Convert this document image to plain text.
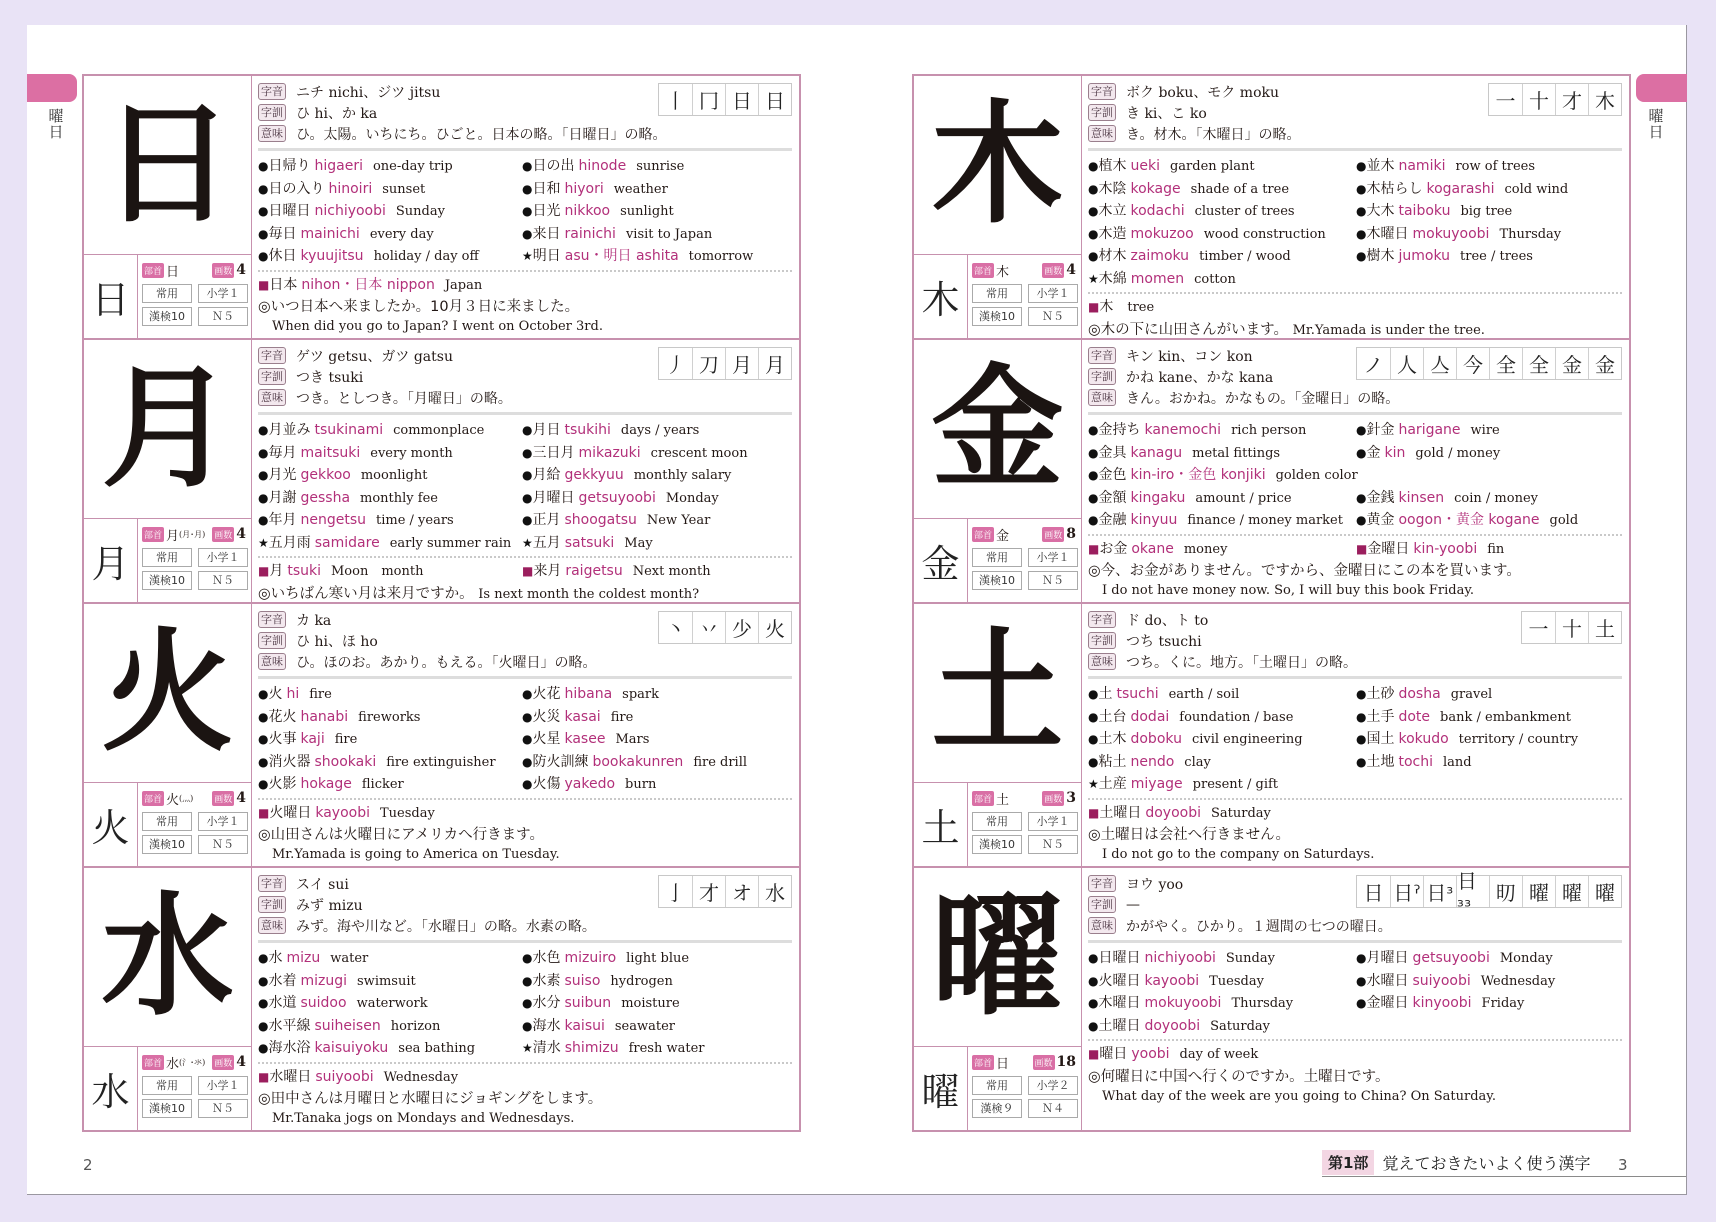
曜日
曜日
日
日
部首 日	画数 4
常用	小学１
漢検10	Ｎ５
字音 ニチ nichi、ジツ jitsu
字訓 ひ hi、か ka
意味 ひ。太陽。いちにち。ひごと。日本の略。「日曜日」の略。
丨 冂 日 日
●日帰り higaeri one-day trip	●日の出 hinode sunrise
●日の入り hinoiri sunset	●日和 hiyori weather
●日曜日 nichiyoobi Sunday	●日光 nikkoo sunlight
●毎日 mainichi every day	●来日 rainichi visit to Japan
●休日 kyuujitsu holiday / day off	★明日 asu・明日 ashita tomorrow
■日本 nihon・日本 nippon Japan
◎いつ日本へ来ましたか。10月３日に来ました。
When did you go to Japan? I went on October 3rd.
月
月
部首 月(月･月) 画数 4
常用	小学１
漢検10	Ｎ５
字音 ゲツ getsu、ガツ gatsu
字訓 つき tsuki
意味 つき。としつき。「月曜日」の略。
丿 刀 月 月
●月並み tsukinami commonplace	●月日 tsukihi days / years
●毎月 maitsuki every month	●三日月 mikazuki crescent moon
●月光 gekkoo moonlight	●月給 gekkyuu monthly salary
●月謝 gessha monthly fee	●月曜日 getsuyoobi Monday
●年月 nengetsu time / years	●正月 shoogatsu New Year
★五月雨 samidare early summer rain ★五月 satsuki May
■月 tsuki Moon　month	■来月 raigetsu Next month
◎いちばん寒い月は来月ですか。 Is next month the coldest month?
火
火
部首 火(灬) 画数 4
常用	小学１
漢検10	Ｎ５
字音 カ ka
字訓 ひ hi、ほ ho
意味 ひ。ほのお。あかり。もえる。「火曜日」の略。
丶 丷 少 火
●火 hi fire	●火花 hibana spark
●花火 hanabi fireworks	●火災 kasai fire
●火事 kaji fire	●火星 kasee Mars
●消火器 shookaki fire extinguisher	●防火訓練 bookakunren fire drill
●火影 hokage flicker	●火傷 yakedo burn
■火曜日 kayoobi Tuesday
◎山田さんは火曜日にアメリカへ行きます。
Mr.Yamada is going to America on Tuesday.
水
水
部首 水(氵･氺) 画数 4
常用	小学１
漢検10	Ｎ５
字音 スイ sui
字訓 みず mizu
意味 みず。海や川など。「水曜日」の略。水素の略。
亅 才 オ 水
●水 mizu water	●水色 mizuiro light blue
●水着 mizugi swimsuit	●水素 suiso hydrogen
●水道 suidoo waterwork	●水分 suibun moisture
●水平線 suiheisen horizon	●海水 kaisui seawater
●海水浴 kaisuiyoku sea bathing	★清水 shimizu fresh water
■水曜日 suiyoobi Wednesday
◎田中さんは月曜日と水曜日にジョギングをします。
Mr.Tanaka jogs on Mondays and Wednesdays.
木
木
部首 木	画数 4
常用	小学１
漢検10	Ｎ５
字音 ボク boku、モク moku
字訓 き ki、こ ko
意味 き。材木。「木曜日」の略。
一 十 才 木
●植木 ueki garden plant	●並木 namiki row of trees
●木陰 kokage shade of a tree	●木枯らし kogarashi cold wind
●木立 kodachi cluster of trees	●大木 taiboku big tree
●木造 mokuzoo wood construction	●木曜日 mokuyoobi Thursday
●材木 zaimoku timber / wood	●樹木 jumoku tree / trees
★木綿 momen cotton
■木 tree
◎木の下に山田さんがいます。 Mr.Yamada is under the tree.
金
金
部首 金	画数 8
常用	小学１
漢検10	Ｎ５
字音 キン kin、コン kon
字訓 かね kane、かな kana
意味 きん。おかね。かなもの。「金曜日」の略。
ノ 人 亼 今 全 全 金 金
●金持ち kanemochi rich person	●針金 harigane wire
●金具 kanagu metal fittings	●金 kin gold / money
●金色 kin-iro・金色 konjiki golden color
●金額 kingaku amount / price	●金銭 kinsen coin / money
●金融 kinyuu finance / money market	●黄金 oogon・黄金 kogane gold
■お金 okane money	■金曜日 kin-yoobi fin
◎今、お金がありません。ですから、金曜日にこの本を買います。
I do not have money now. So, I will buy this book Friday.
土
土
部首 土	画数 3
常用	小学１
漢検10	Ｎ５
字音 ド do、ト to
字訓 つち tsuchi
意味 つち。くに。地方。「土曜日」の略。
一 十 土
●土 tsuchi earth / soil	●土砂 dosha gravel
●土台 dodai foundation / base	●土手 dote bank / embankment
●土木 doboku civil engineering	●国土 kokudo territory / country
●粘土 nendo clay	●土地 tochi land
★土産 miyage present / gift
■土曜日 doyoobi Saturday
◎土曜日は会社へ行きません。
I do not go to the company on Saturdays.
曜
曜
部首 日	画数 18
常用	小学２
漢検９	Ｎ４
字音 ヨウ yoo
字訓 —
意味 かがやく。ひかり。１週間の七つの曜日。
日 日ˀ 日ᶟ 日ᶟᶟ
旫 曜 曜 曜
●日曜日 nichiyoobi Sunday	●月曜日 getsuyoobi Monday
●火曜日 kayoobi Tuesday	●水曜日 suiyoobi Wednesday
●木曜日 mokuyoobi Thursday	●金曜日 kinyoobi Friday
●土曜日 doyoobi Saturday
■曜日 yoobi day of week
◎何曜日に中国へ行くのですか。土曜日です。
What day of the week are you going to China? On Saturday.
2	3
第1部 覚えておきたいよく使う漢字
